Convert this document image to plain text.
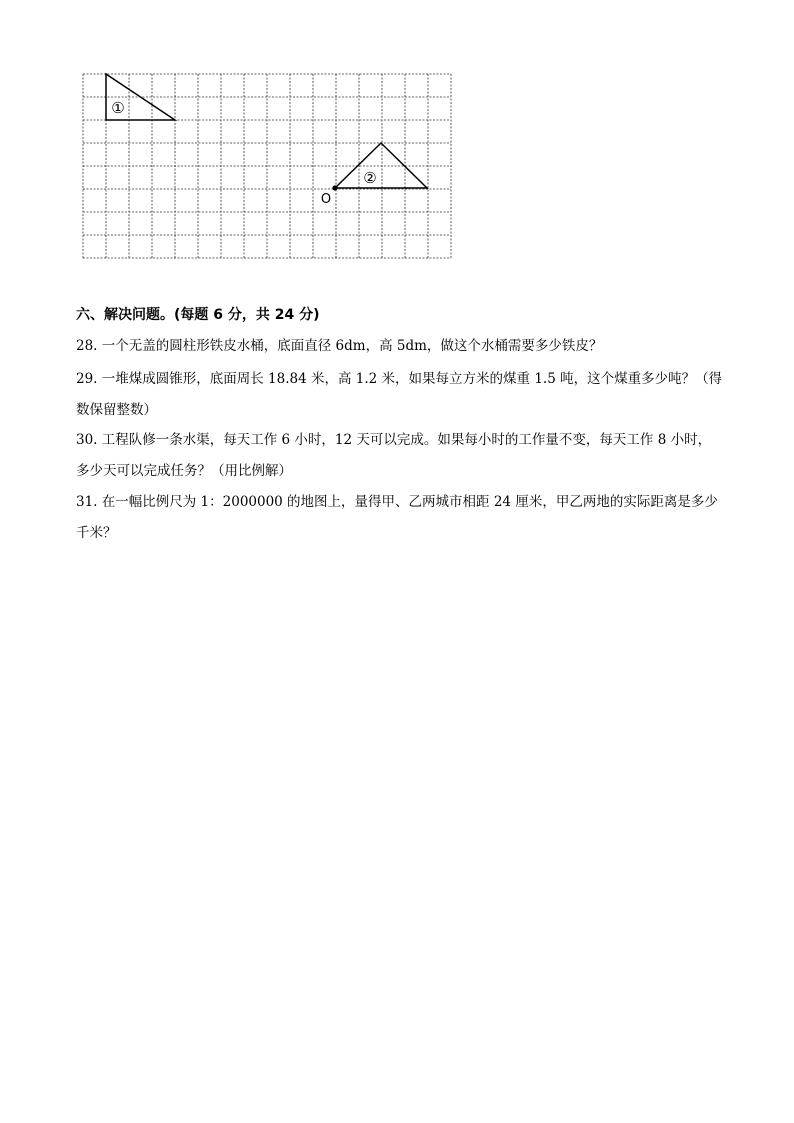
①
②
O
六、解决问题。(每题 6 分，共 24 分)
28. 一个无盖的圆柱形铁皮水桶，底面直径 6dm，高 5dm，做这个水桶需要多少铁皮？
29. 一堆煤成圆锥形，底面周长 18.84 米，高 1.2 米，如果每立方米的煤重 1.5 吨，这个煤重多少吨？（得
数保留整数）
30. 工程队修一条水渠，每天工作 6 小时，12 天可以完成。如果每小时的工作量不变，每天工作 8 小时，
多少天可以完成任务？（用比例解）
31. 在一幅比例尺为 1：2000000 的地图上，量得甲、乙两城市相距 24 厘米，甲乙两地的实际距离是多少
千米？
